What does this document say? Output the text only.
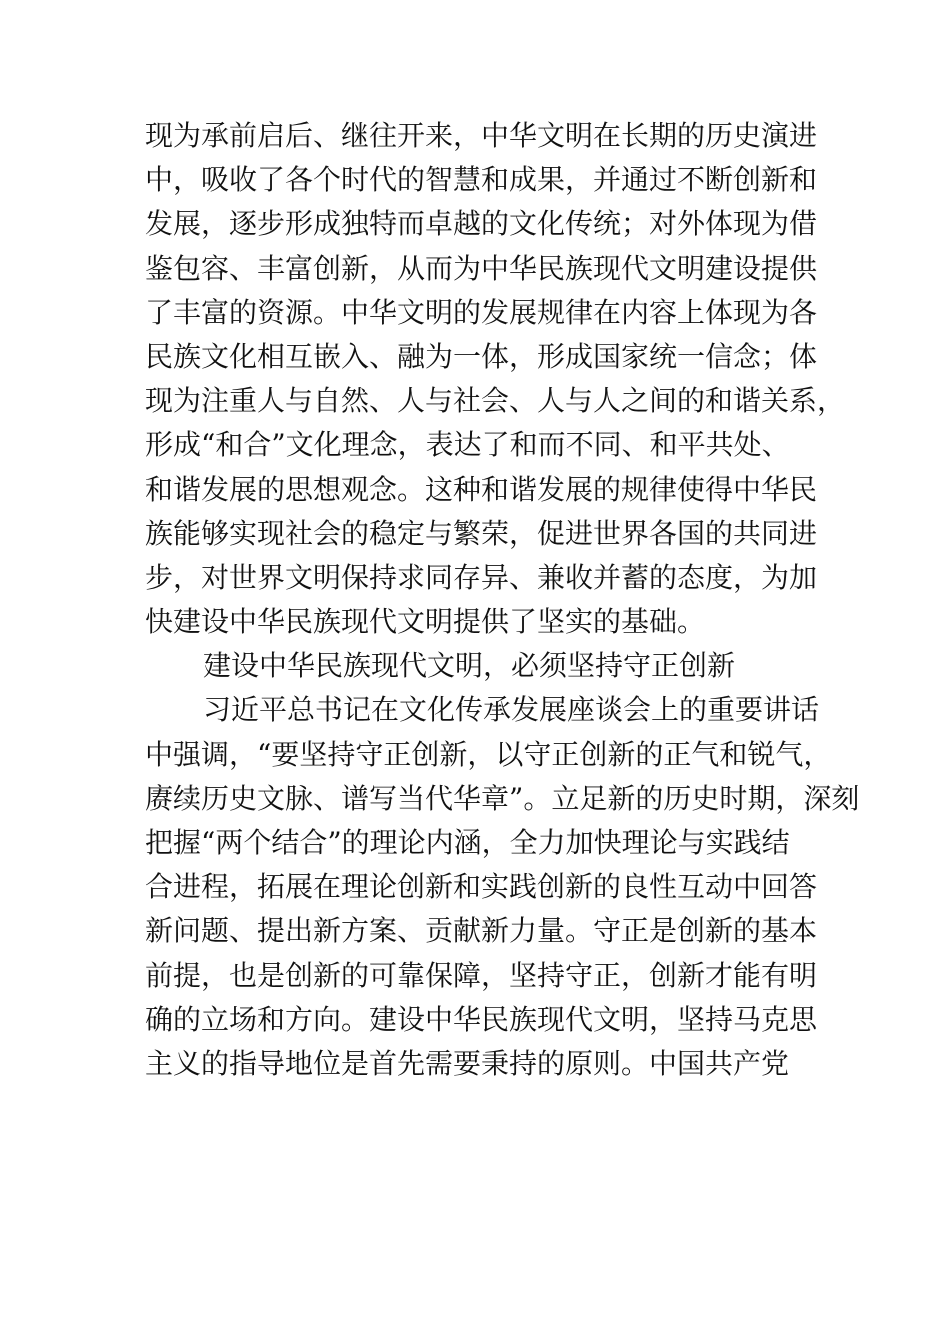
现为承前启后、继往开来，中华文明在长期的历史演进
中，吸收了各个时代的智慧和成果，并通过不断创新和
发展，逐步形成独特而卓越的文化传统；对外体现为借
鉴包容、丰富创新，从而为中华民族现代文明建设提供
了丰富的资源。中华文明的发展规律在内容上体现为各
民族文化相互嵌入、融为一体，形成国家统一信念；体
现为注重人与自然、人与社会、人与人之间的和谐关系，
形成“和合”文化理念，表达了和而不同、和平共处、
和谐发展的思想观念。这种和谐发展的规律使得中华民
族能够实现社会的稳定与繁荣，促进世界各国的共同进
步，对世界文明保持求同存异、兼收并蓄的态度，为加
快建设中华民族现代文明提供了坚实的基础。
建设中华民族现代文明，必须坚持守正创新
习近平总书记在文化传承发展座谈会上的重要讲话
中强调，“要坚持守正创新，以守正创新的正气和锐气，
赓续历史文脉、谱写当代华章”。立足新的历史时期，深刻
把握“两个结合”的理论内涵，全力加快理论与实践结
合进程，拓展在理论创新和实践创新的良性互动中回答
新问题、提出新方案、贡献新力量。守正是创新的基本
前提，也是创新的可靠保障，坚持守正，创新才能有明
确的立场和方向。建设中华民族现代文明，坚持马克思
主义的指导地位是首先需要秉持的原则。中国共产党
